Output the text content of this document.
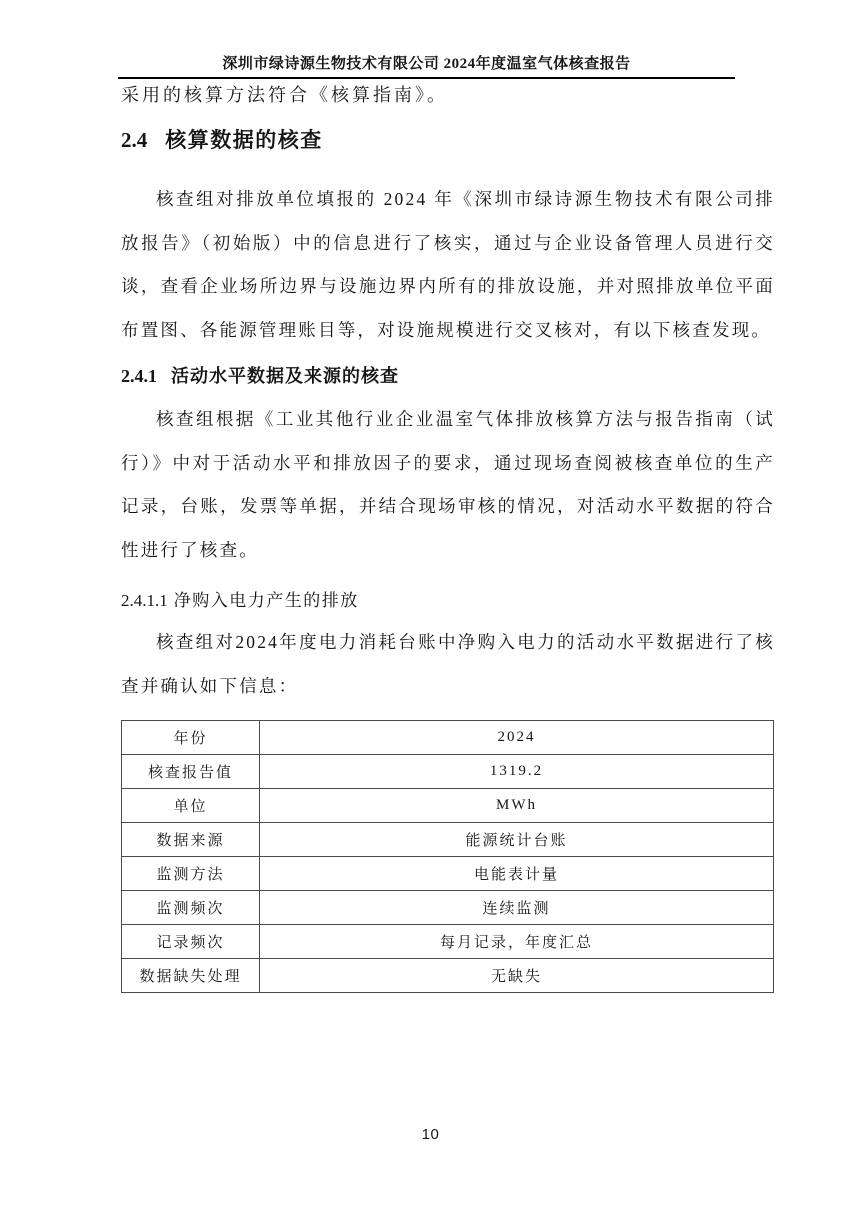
深圳市绿诗源生物技术有限公司 2024年度温室气体核查报告

采用的核算方法符合《核算指南》。

2.4 核算数据的核查

核查组对排放单位填报的 2024 年《深圳市绿诗源生物技术有限公司排放报告》（初始版）中的信息进行了核实，通过与企业设备管理人员进行交谈，查看企业场所边界与设施边界内所有的排放设施，并对照排放单位平面布置图、各能源管理账目等，对设施规模进行交叉核对，有以下核查发现。

2.4.1 活动水平数据及来源的核查

核查组根据《工业其他行业企业温室气体排放核算方法与报告指南（试行）》中对于活动水平和排放因子的要求，通过现场查阅被核查单位的生产记录，台账，发票等单据，并结合现场审核的情况，对活动水平数据的符合性进行了核查。

2.4.1.1 净购入电力产生的排放

核查组对2024年度电力消耗台账中净购入电力的活动水平数据进行了核查并确认如下信息：

年份	2024
核查报告值	1319.2
单位	MWh
数据来源	能源统计台账
监测方法	电能表计量
监测频次	连续监测
记录频次	每月记录，年度汇总
数据缺失处理	无缺失
10
